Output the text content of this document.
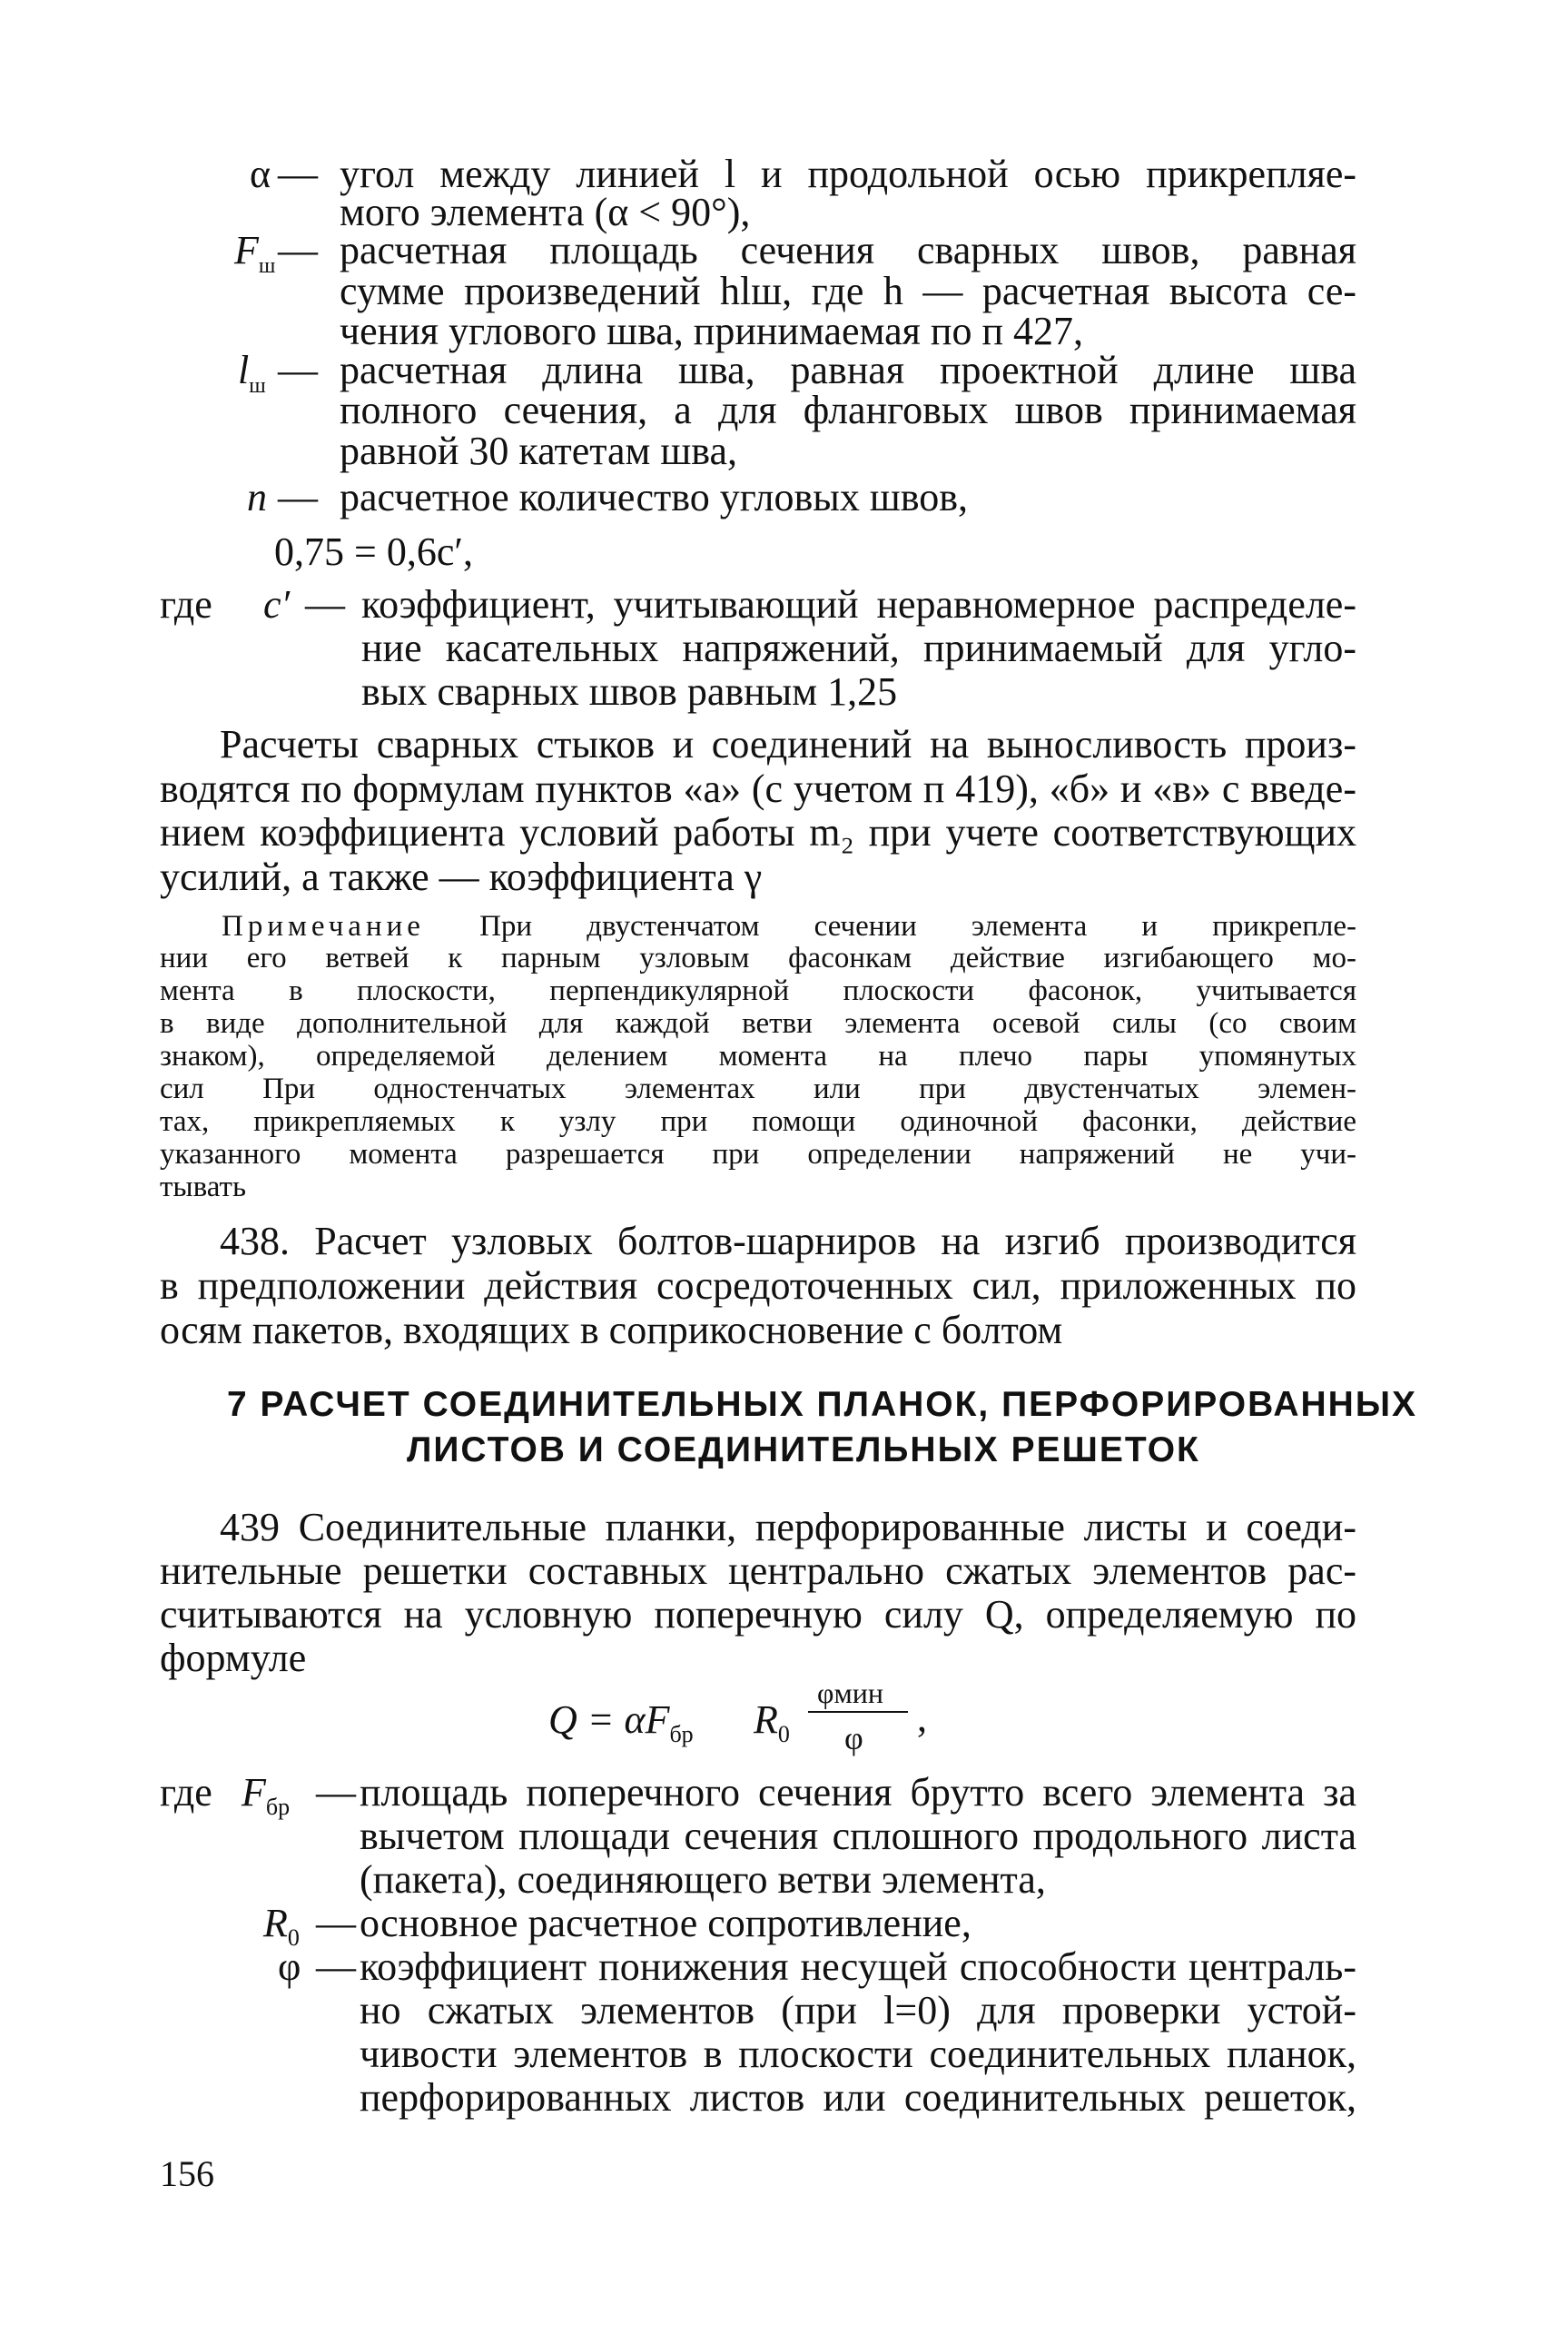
α — угол между линией l и продольной осью прикрепляе-
мого элемента (α < 90°),
$F_ш$ — расчетная площадь сечения сварных швов, равная
сумме произведений hlш, где h — расчетная высота се-
чения углового шва, принимаемая по п 427,
$l_ш$ — расчетная длина шва, равная проектной длине шва
полного сечения, а для фланговых швов принимаемая
равной 30 катетам шва,
n — расчетное количество угловых швов,
0,75 = 0,6c′,
где c′ — коэффициент, учитывающий неравномерное распределе-
ние касательных напряжений, принимаемый для угло-
вых сварных швов равным 1,25
Расчеты сварных стыков и соединений на выносливость произ-
водятся по формулам пунктов «а» (с учетом п 419), «б» и «в» с введе-
нием коэффициента условий работы m₂ при учете соответствующих
усилий, а также — коэффициента γ
Примечание При двустенчатом сечении элемента и прикрепле-
нии его ветвей к парным узловым фасонкам действие изгибающего мо-
мента в плоскости, перпендикулярной плоскости фасонок, учитывается
в виде дополнительной для каждой ветви элемента осевой силы (со своим
знаком), определяемой делением момента на плечо пары упомянутых
сил При одностенчатых элементах или при двустенчатых элемен-
тах, прикрепляемых к узлу при помощи одиночной фасонки, действие
указанного момента разрешается при определении напряжений не учи-
тывать
438. Расчет узловых болтов-шарниров на изгиб производится
в предположении действия сосредоточенных сил, приложенных по
осям пакетов, входящих в соприкосновение с болтом
7 РАСЧЕТ СОЕДИНИТЕЛЬНЫХ ПЛАНОК, ПЕРФОРИРОВАННЫХ
ЛИСТОВ И СОЕДИНИТЕЛЬНЫХ РЕШЕТОК
439 Соединительные планки, перфорированные листы и соеди-
нительные решетки составных центрально сжатых элементов рас-
считываются на условную поперечную силу Q, определяемую по
формуле
$Q = \alpha F_{бр}$ $R_0$
φмин
φ ,
где $F_{бр}$ — площадь поперечного сечения брутто всего элемента за
вычетом площади сечения сплошного продольного листа
(пакета), соединяющего ветви элемента,
$R_0$ — основное расчетное сопротивление,
φ — коэффициент понижения несущей способности централь-
но сжатых элементов (при l=0) для проверки устой-
чивости элементов в плоскости соединительных планок,
перфорированных листов или соединительных решеток,
156
